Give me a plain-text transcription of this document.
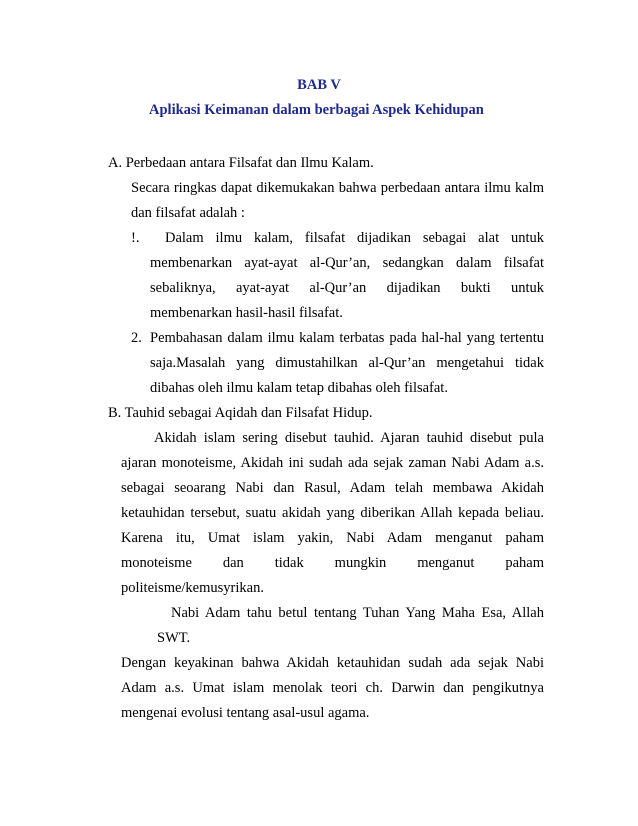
BAB V
Aplikasi Keimanan dalam berbagai Aspek Kehidupan
A. Perbedaan antara Filsafat dan Ilmu Kalam.
Secara ringkas dapat dikemukakan bahwa perbedaan antara ilmu kalm
dan filsafat adalah :
!. Dalam ilmu kalam, filsafat dijadikan sebagai alat untuk
membenarkan ayat-ayat al-Qur’an, sedangkan dalam filsafat
sebaliknya, ayat-ayat al-Qur’an dijadikan bukti untuk
membenarkan hasil-hasil filsafat.
2. Pembahasan dalam ilmu kalam terbatas pada hal-hal yang tertentu
saja.Masalah yang dimustahilkan al-Qur’an mengetahui tidak
dibahas oleh ilmu kalam tetap dibahas oleh filsafat.
B. Tauhid sebagai Aqidah dan Filsafat Hidup.
Akidah islam sering disebut tauhid. Ajaran tauhid disebut pula
ajaran monoteisme, Akidah ini sudah ada sejak zaman Nabi Adam a.s.
sebagai seoarang Nabi dan Rasul, Adam telah membawa Akidah
ketauhidan tersebut, suatu akidah yang diberikan Allah kepada beliau.
Karena itu, Umat islam yakin, Nabi Adam menganut paham
monoteisme dan tidak mungkin menganut paham
politeisme/kemusyrikan.
Nabi Adam tahu betul tentang Tuhan Yang Maha Esa, Allah
SWT.
Dengan keyakinan bahwa Akidah ketauhidan sudah ada sejak Nabi
Adam a.s. Umat islam menolak teori ch. Darwin dan pengikutnya
mengenai evolusi tentang asal-usul agama.
